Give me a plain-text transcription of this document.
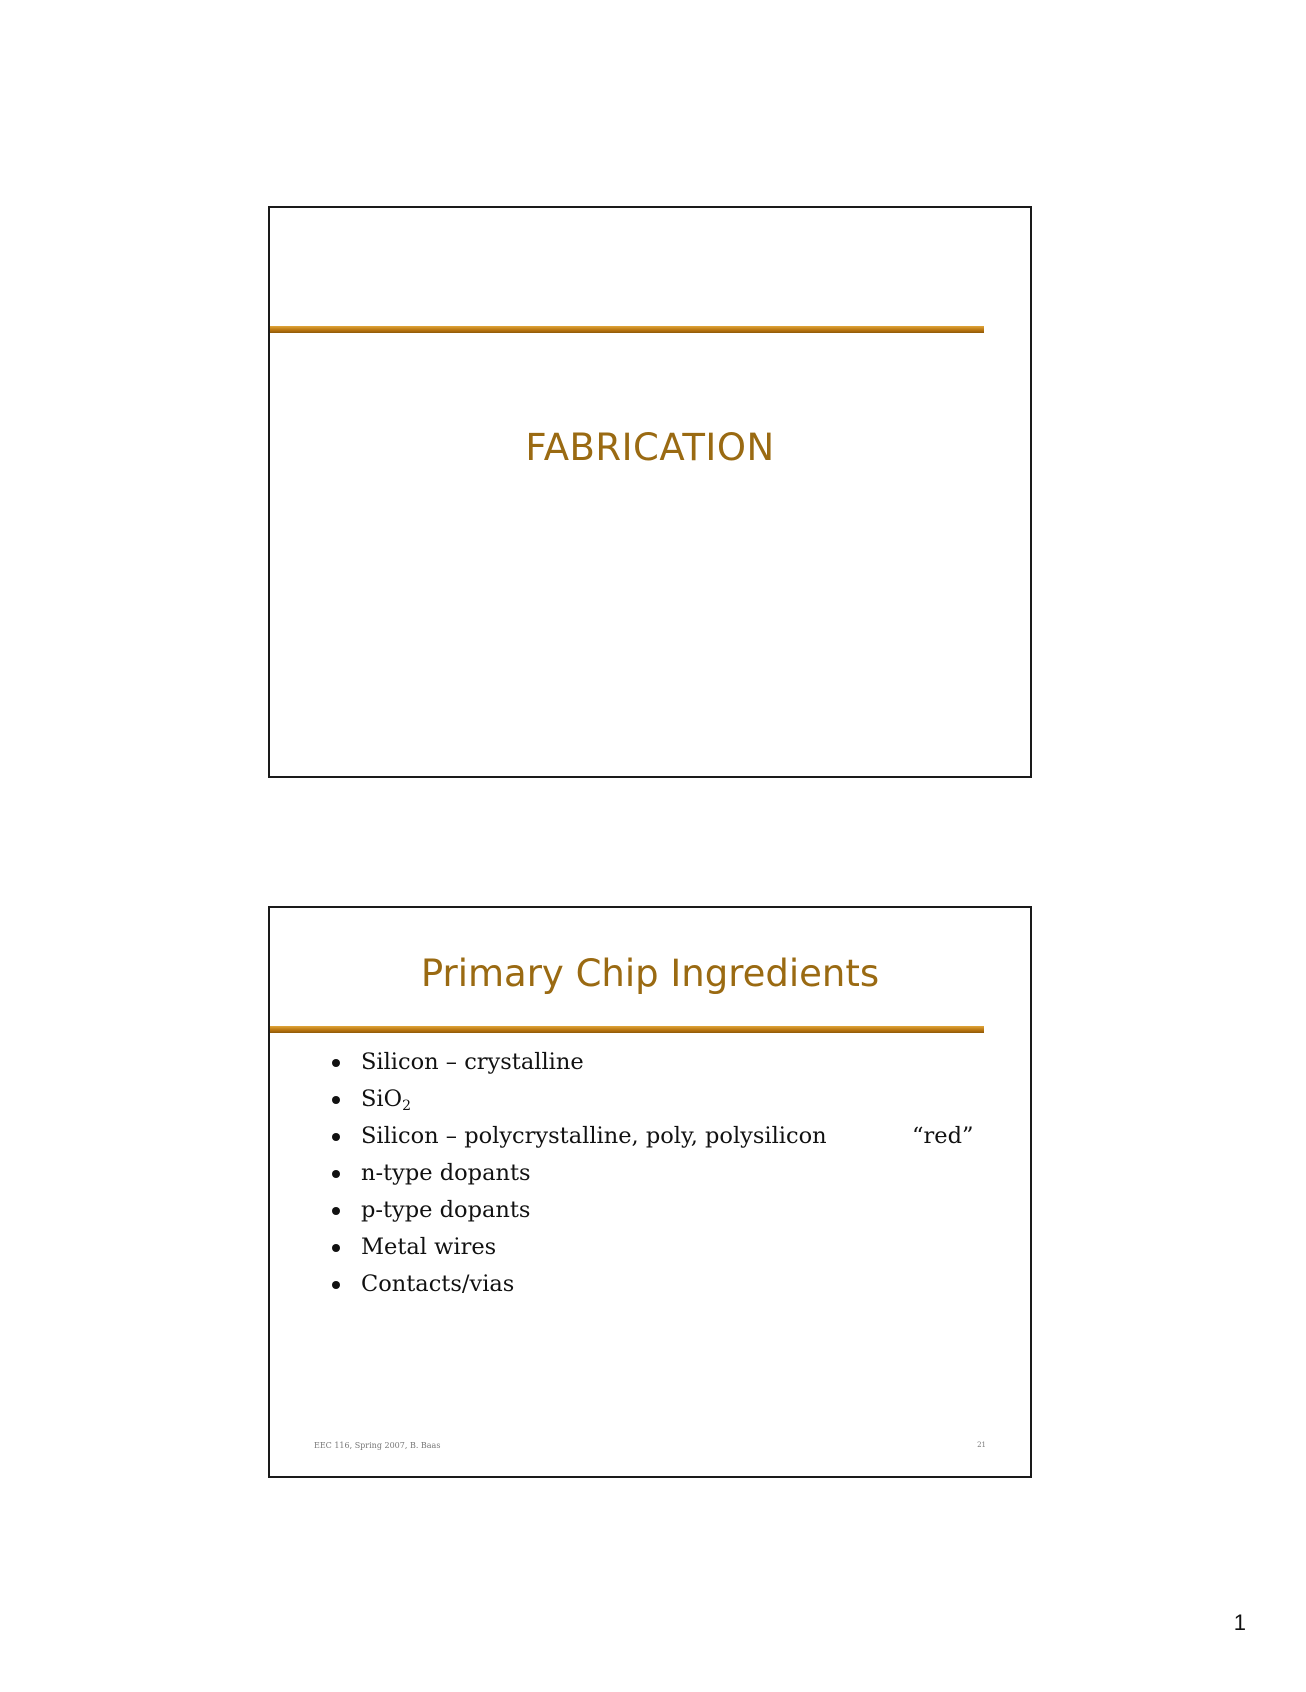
FABRICATION
Primary Chip Ingredients
Silicon – crystalline
SiO$_2$
Silicon – polycrystalline, poly, polysilicon	“red”
n-type dopants
p-type dopants
Metal wires
Contacts/vias
EEC 116, Spring 2007, B. Baas	21
1
